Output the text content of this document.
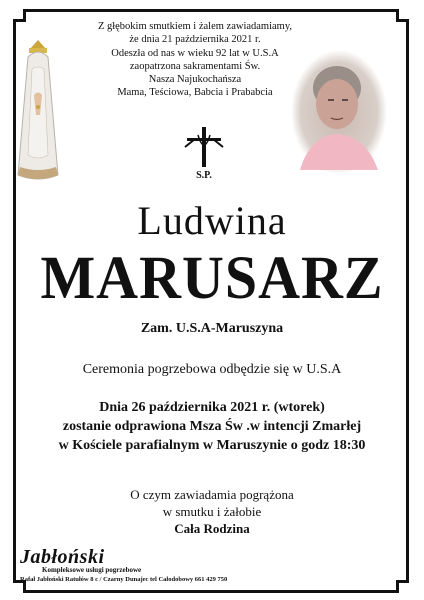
Z głębokim smutkiem i żalem zawiadamiamy,
że dnia 21 października 2021 r.
Odeszła od nas w wieku 92 lat w U.S.A
zaopatrzona sakramentami Św.
Nasza Najukochańsza
Mama, Teściowa, Babcia i Prababcia
S.P.
Ludwina
MARUSARZ
Zam. U.S.A-Maruszyna
Ceremonia pogrzebowa odbędzie się w U.S.A
Dnia 26 października 2021 r. (wtorek)
zostanie odprawiona Msza Św .w intencji Zmarłej
w Kościele parafialnym w Maruszynie o godz 18:30
O czym zawiadamia pogrążona
w smutku i żałobie
Cała Rodzina
Jabłoński
Kompleksowe usługi pogrzebowe
Rafał Jabłoński Ratułów 8 c / Czarny Dunajec tel Całodobowy 661 429 750
